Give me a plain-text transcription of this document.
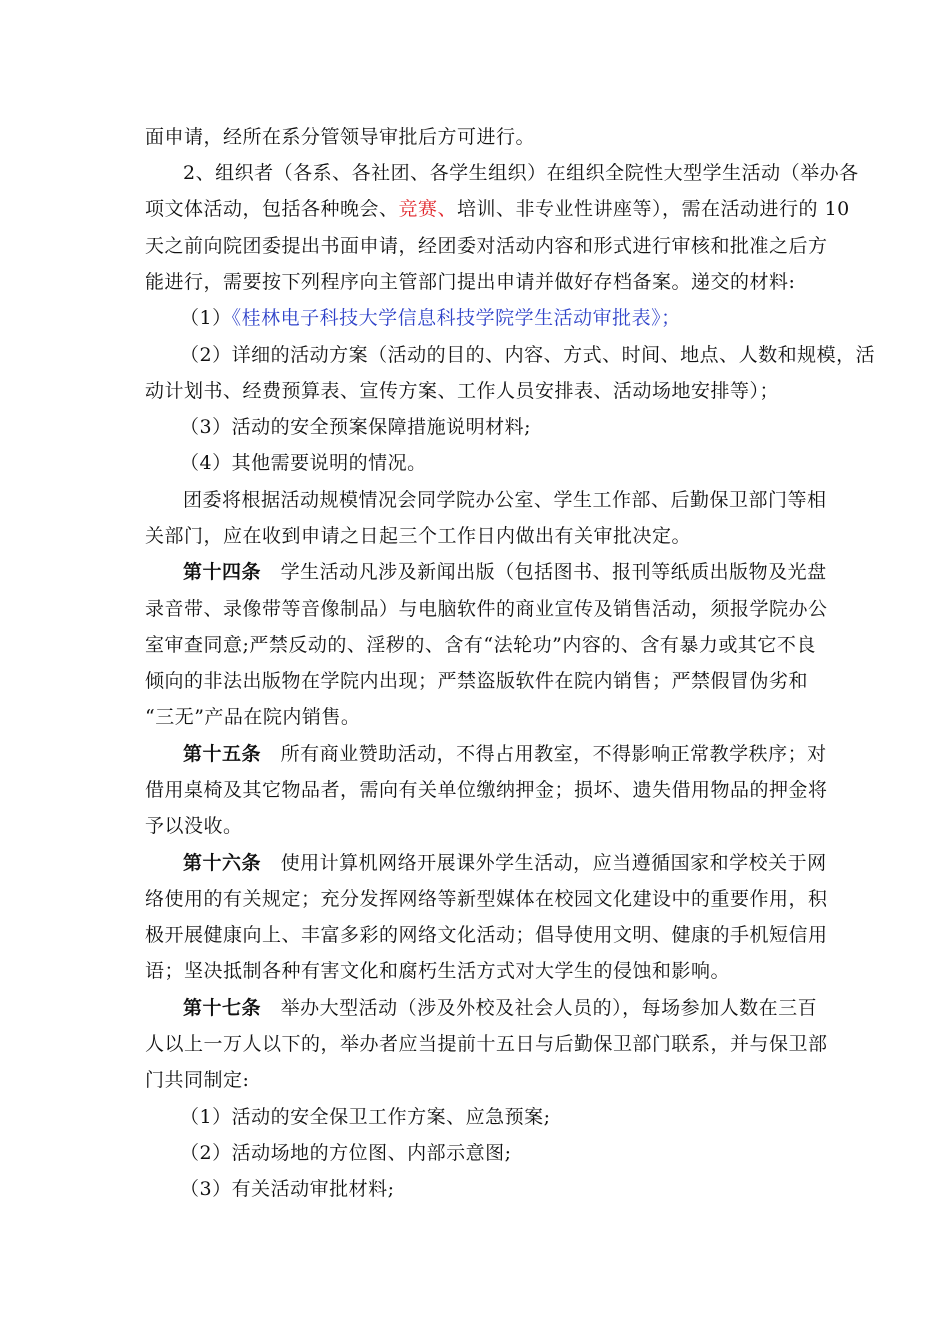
面申请，经所在系分管领导审批后方可进行。
2、组织者（各系、各社团、各学生组织）在组织全院性大型学生活动（举办各
项文体活动，包括各种晚会、竞赛、培训、非专业性讲座等），需在活动进行的 10
天之前向院团委提出书面申请，经团委对活动内容和形式进行审核和批准之后方
能进行，需要按下列程序向主管部门提出申请并做好存档备案。递交的材料:
（1）《桂林电子科技大学信息科技学院学生活动审批表》；
（2）详细的活动方案（活动的目的、内容、方式、时间、地点、人数和规模，活
动计划书、经费预算表、宣传方案、工作人员安排表、活动场地安排等）；
（3）活动的安全预案保障措施说明材料;
（4）其他需要说明的情况。
团委将根据活动规模情况会同学院办公室、学生工作部、后勤保卫部门等相
关部门，应在收到申请之日起三个工作日内做出有关审批决定。
第十四条   学生活动凡涉及新闻出版（包括图书、报刊等纸质出版物及光盘
录音带、录像带等音像制品）与电脑软件的商业宣传及销售活动，须报学院办公
室审查同意;严禁反动的、淫秽的、含有“法轮功”内容的、含有暴力或其它不良
倾向的非法出版物在学院内出现；严禁盗版软件在院内销售；严禁假冒伪劣和
“三无”产品在院内销售。
第十五条   所有商业赞助活动，不得占用教室，不得影响正常教学秩序；对
借用桌椅及其它物品者，需向有关单位缴纳押金；损坏、遗失借用物品的押金将
予以没收。
第十六条   使用计算机网络开展课外学生活动，应当遵循国家和学校关于网
络使用的有关规定；充分发挥网络等新型媒体在校园文化建设中的重要作用，积
极开展健康向上、丰富多彩的网络文化活动；倡导使用文明、健康的手机短信用
语；坚决抵制各种有害文化和腐朽生活方式对大学生的侵蚀和影响。
第十七条   举办大型活动（涉及外校及社会人员的），每场参加人数在三百
人以上一万人以下的，举办者应当提前十五日与后勤保卫部门联系，并与保卫部
门共同制定:
（1）活动的安全保卫工作方案、应急预案;
（2）活动场地的方位图、内部示意图;
（3）有关活动审批材料;
